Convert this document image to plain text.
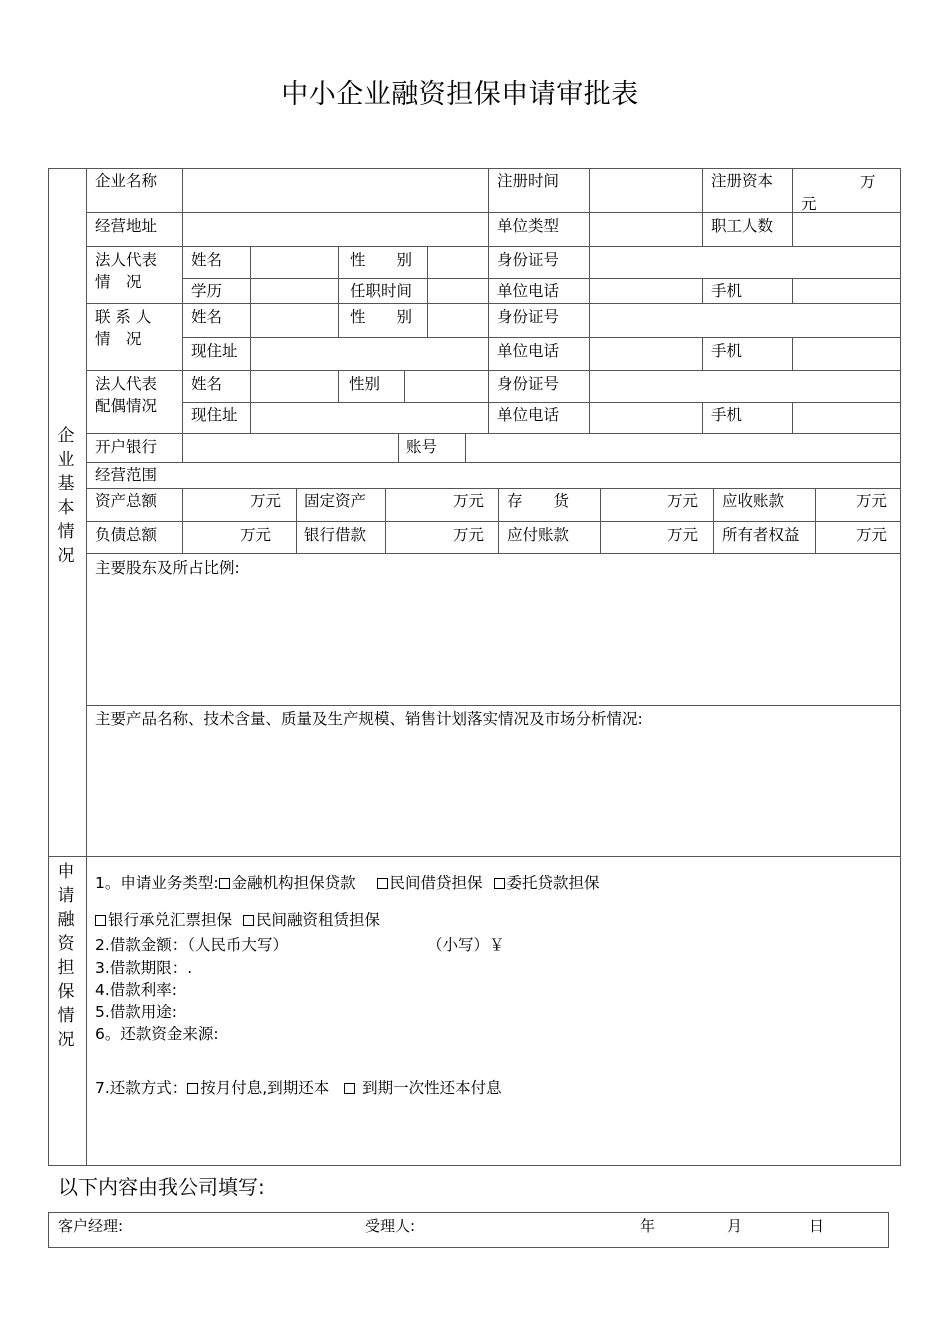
中小企业融资担保申请审批表
企业基本情况
申请融资担保情况
企业名称	注册时间	注册资本	万
元
经营地址	单位类型	职工人数
法人代表
情　况
姓名	性　　别	身份证号
学历	任职时间	单位电话	手机
联 系 人
情　况
姓名	性　　别	身份证号
现住址	单位电话	手机
法人代表
配偶情况
姓名	性别	身份证号
现住址	单位电话	手机
开户银行	账号
经营范围
资产总额	万元 固定资产	万元 存　　货	万元 应收账款	万元
负债总额	万元 银行借款	万元 应付账款	万元 所有者权益	万元
主要股东及所占比例:
主要产品名称、技术含量、质量及生产规模、销售计划落实情况及市场分析情况:
1。申请业务类型: 金融机构担保贷款 民间借贷担保 委托贷款担保
银行承兑汇票担保 民间融资租赁担保
2.借款金额：（人民币大写）	（小写）￥
3.借款期限：.
4.借款利率:
5.借款用途:
6。还款资金来源:
7.还款方式： 按月付息,到期还本  到期一次性还本付息
以下内容由我公司填写:
客户经理:	受理人:	年	月	日
